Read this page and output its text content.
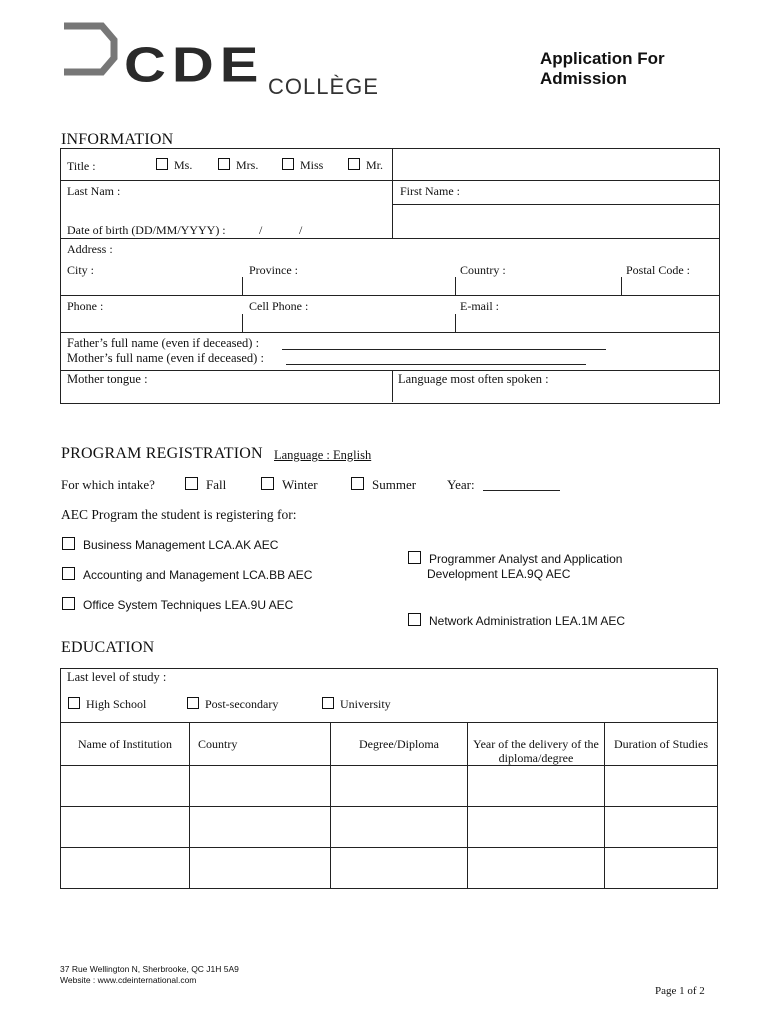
CDE COLLÈGE
Application For
Admission
INFORMATION
Title :	Ms.	Mrs.	Miss	Mr.
Last Nam :	First Name :
Date of birth (DD/MM/YYYY) :	/	/
Address :
City :	Province :	Country :	Postal Code :
Phone :	Cell Phone :	E-mail :
Father’s full name (even if deceased) :
Mother’s full name (even if deceased) :
Mother tongue :	Language most often spoken :
PROGRAM REGISTRATION Language : English
For which intake?	Fall	Winter	Summer Year:
AEC Program the student is registering for:
Business Management LCA.AK AEC
Accounting and Management LCA.BB AEC
Office System Techniques LEA.9U AEC
Programmer Analyst and Application
Development LEA.9Q AEC
Network Administration LEA.1M AEC
EDUCATION
Last level of study :
High School	Post-secondary	University
Name of Institution	Country	Degree/Diploma	Year of the delivery of the diploma/degree	Duration of Studies

37 Rue Wellington N, Sherbrooke, QC J1H 5A9
Website : www.cdeinternational.com
Page 1 of 2
